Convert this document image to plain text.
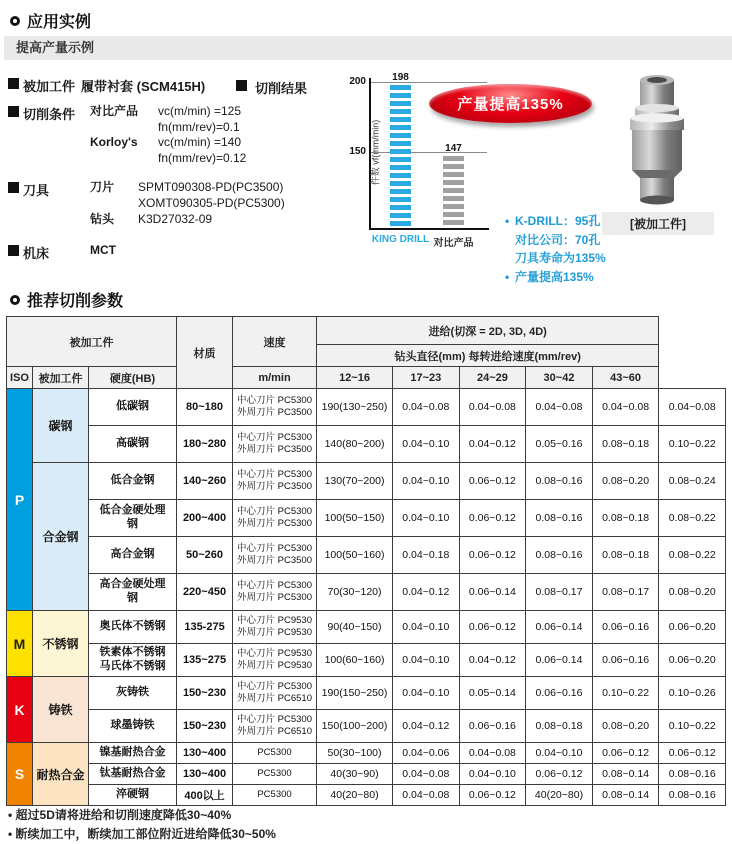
应用实例
提高产量示例
被加工件 履带衬套 (SCM415H)
切削条件 对比产品	vc(m/min) =125
fn(mm/rev)=0.1
Korloy's	vc(m/min) =140
fn(mm/rev)=0.12
刀具	刀片	SPMT090308-PD(PC3500)
XOMT090305-PD(PC5300)
钻头	K3D27032-09
机床	MCT
切削结果	200
150
198
KING DRILL
147
对比产品
产量提高135%
[被加工件]
• K-DRILL：95孔
对比公司：70孔
刀具寿命为135%
• 产量提高135%
推荐切削参数
被加工件			材质	速度	进给(切深 = 2D, 3D, 4D)					
					钻头直径(mm) 每转进给速度(mm/rev)					
ISO	被加工件	硬度(HB)		m/min	12~16	17~23	24~29	30~42	43~60	
P	碳钢	低碳钢	80~180	中心刀片 PC5300
外周刀片 PC3500	190(130~250)	0.04~0.08	0.04~0.08	0.04~0.08	0.04~0.08	0.04~0.08
		高碳钢	180~280	中心刀片 PC5300
外周刀片 PC3500	140(80~200)	0.04~0.10	0.04~0.12	0.05~0.16	0.08~0.18	0.10~0.22
	合金钢	低合金钢	140~260	中心刀片 PC5300
外周刀片 PC3500	130(70~200)	0.04~0.10	0.06~0.12	0.08~0.16	0.08~0.20	0.08~0.24
		低合金硬处理
钢	200~400	中心刀片 PC5300
外周刀片 PC5300	100(50~150)	0.04~0.10	0.06~0.12	0.08~0.16	0.08~0.18	0.08~0.22
		高合金钢	50~260	中心刀片 PC5300
外周刀片 PC3500	100(50~160)	0.04~0.18	0.06~0.12	0.08~0.16	0.08~0.18	0.08~0.22
		高合金硬处理
钢	220~450	中心刀片 PC5300
外周刀片 PC5300	70(30~120)	0.04~0.12	0.06~0.14	0.08~0.17	0.08~0.17	0.08~0.20
M	不锈钢	奥氏体不锈钢	135-275	中心刀片 PC9530
外周刀片 PC9530	90(40~150)	0.04~0.10	0.06~0.12	0.06~0.14	0.06~0.16	0.06~0.20
		铁素体不锈钢
马氏体不锈钢	135~275	中心刀片 PC9530
外周刀片 PC9530	100(60~160)	0.04~0.10	0.04~0.12	0.06~0.14	0.06~0.16	0.06~0.20
K	铸铁	灰铸铁	150~230	中心刀片 PC5300
外周刀片 PC6510	190(150~250)	0.04~0.10	0.05~0.14	0.06~0.16	0.10~0.22	0.10~0.26
		球墨铸铁	150~230	中心刀片 PC5300
外周刀片 PC6510	150(100~200)	0.04~0.12	0.06~0.16	0.08~0.18	0.08~0.20	0.10~0.22
S	耐热合金	镍基耐热合金	130~400	PC5300	50(30~100)	0.04~0.06	0.04~0.08	0.04~0.10	0.06~0.12	0.06~0.12
		钛基耐热合金	130~400	PC5300	40(30~90)	0.04~0.08	0.04~0.10	0.06~0.12	0.08~0.14	0.08~0.16
		淬硬钢	400以上	PC5300	40(20~80)	0.04~0.08	0.06~0.12	40(20~80)	0.08~0.14	0.08~0.16
• 超过5D请将进给和切削速度降低30~40%
• 断续加工中，断续加工部位附近进给降低30~50%
